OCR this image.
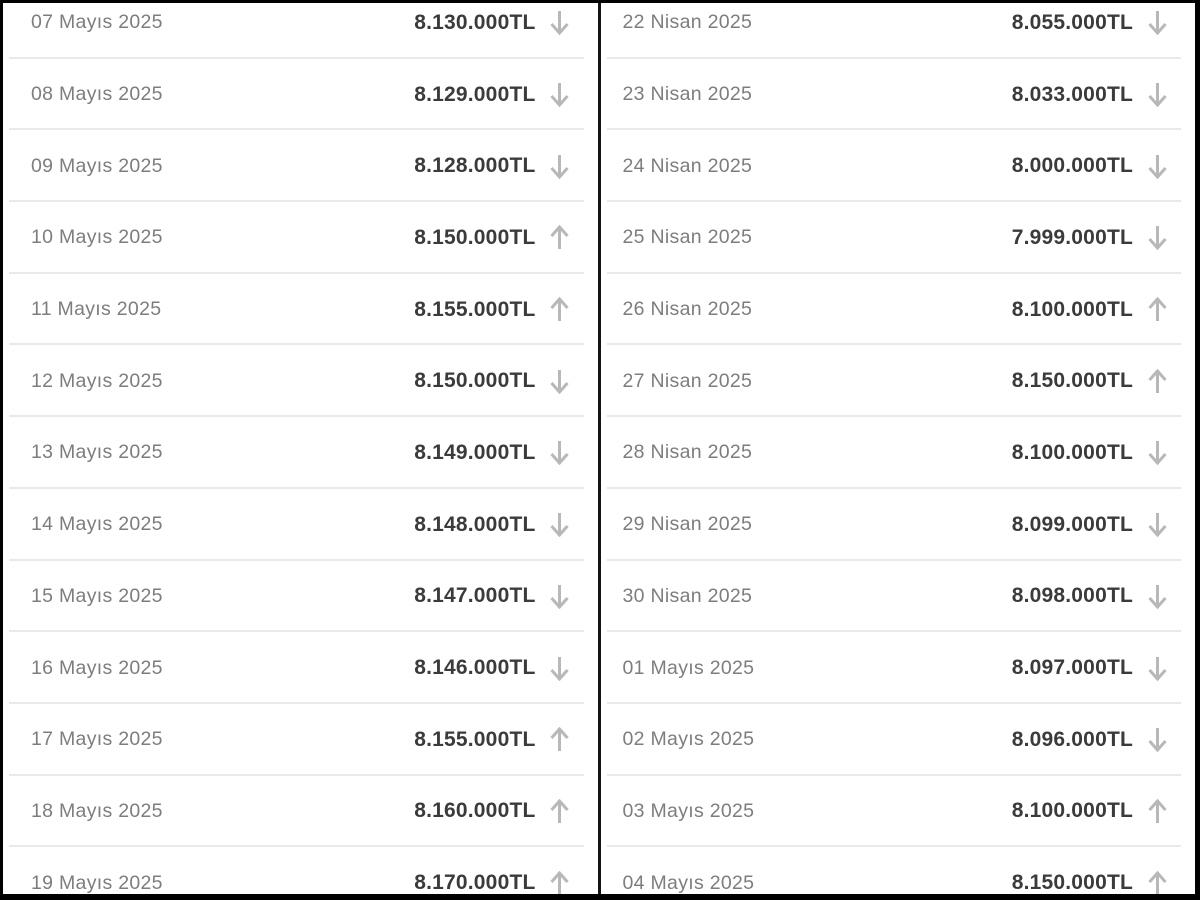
07 Mayıs 2025	8.130.000TL
08 Mayıs 2025	8.129.000TL
09 Mayıs 2025	8.128.000TL
10 Mayıs 2025	8.150.000TL
11 Mayıs 2025	8.155.000TL
12 Mayıs 2025	8.150.000TL
13 Mayıs 2025	8.149.000TL
14 Mayıs 2025	8.148.000TL
15 Mayıs 2025	8.147.000TL
16 Mayıs 2025	8.146.000TL
17 Mayıs 2025	8.155.000TL
18 Mayıs 2025	8.160.000TL
19 Mayıs 2025	8.170.000TL
22 Nisan 2025	8.055.000TL
23 Nisan 2025	8.033.000TL
24 Nisan 2025	8.000.000TL
25 Nisan 2025	7.999.000TL
26 Nisan 2025	8.100.000TL
27 Nisan 2025	8.150.000TL
28 Nisan 2025	8.100.000TL
29 Nisan 2025	8.099.000TL
30 Nisan 2025	8.098.000TL
01 Mayıs 2025	8.097.000TL
02 Mayıs 2025	8.096.000TL
03 Mayıs 2025	8.100.000TL
04 Mayıs 2025	8.150.000TL
